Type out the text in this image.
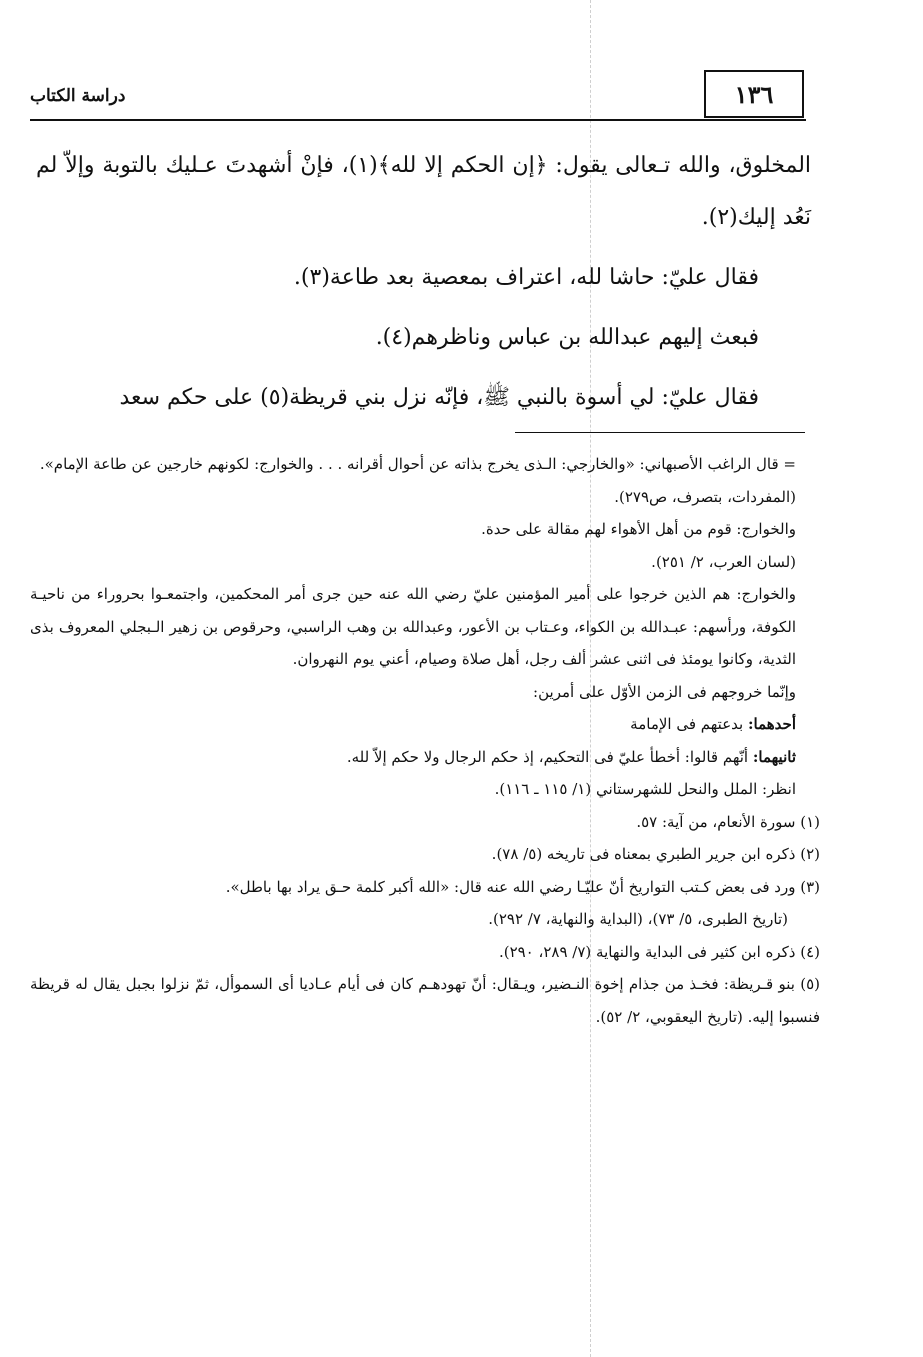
دراسة الكتاب	١٣٦

المخلوق، والله تـعالى يقول: ﴿إن الحكم إلا لله﴾(١)، فإنْ أشهدتَ عـليك بالتوبة وإلاّ لم نَعُد إليك(٢).

فقال عليّ: حاشا لله، اعتراف بمعصية بعد طاعة(٣).

فبعث إليهم عبدالله بن عباس وناظرهم(٤).

فقال عليّ: لي أسوة بالنبي ﷺ، فإنّه نزل بني قريظة(٥) على حكم سعد

= قال الراغب الأصبهاني: «والخارجي: الـذى يخرج بذاته عن أحوال أقرانه . . . والخوارج: لكونهم خارجين عن طاعة الإمام».

(المفردات، بتصرف، ص٢٧٩).

والخوارج: قوم من أهل الأهواء لهم مقالة على حدة.

(لسان العرب، ٢/ ٢٥١).

والخوارج: هم الذين خرجوا على أمير المؤمنين عليّ رضي الله عنه حين جرى أمر المحكمين، واجتمعـوا بحروراء من ناحيـة الكوفة، ورأسهم: عبـدالله بن الكواء، وعـتاب بن الأعور، وعبدالله بن وهب الراسبي، وحرقوص بن زهير الـبجلي المعروف بذى الثدية، وكانوا يومئذ فى اثنى عشر ألف رجل، أهل صلاة وصيام، أعني يوم النهروان.

وإنّما خروجهم فى الزمن الأوّل على أمرين:

أحدهما: بدعتهم فى الإمامة

ثانيهما: أنّهم قالوا: أخطأ عليّ فى التحكيم، إذ حكم الرجال ولا حكم إلاّ لله.

انظر: الملل والنحل للشهرستاني (١/ ١١٥ ـ ١١٦).

(١) سورة الأنعام، من آية: ٥٧.

(٢) ذكره ابن جرير الطبري بمعناه فى تاريخه (٥/ ٧٨).

(٣) ورد فى بعض كـتب التواريخ أنّ عليّـا رضي الله عنه قال: «الله أكبر كلمة حـق يراد بها باطل».

(تاريخ الطبرى، ٥/ ٧٣)، (البداية والنهاية، ٧/ ٢٩٢).

(٤) ذكره ابن كثير فى البداية والنهاية (٧/ ٢٨٩، ٢٩٠).

(٥) بنو قـريظة: فخـذ من جذام إخوة النـضير، ويـقال: أنّ تهودهـم كان فى أيام عـاديا أى السموأل، ثمّ نزلوا بجبل يقال له قريظة فنسبوا إليه. (تاريخ اليعقوبي، ٢/ ٥٢).
